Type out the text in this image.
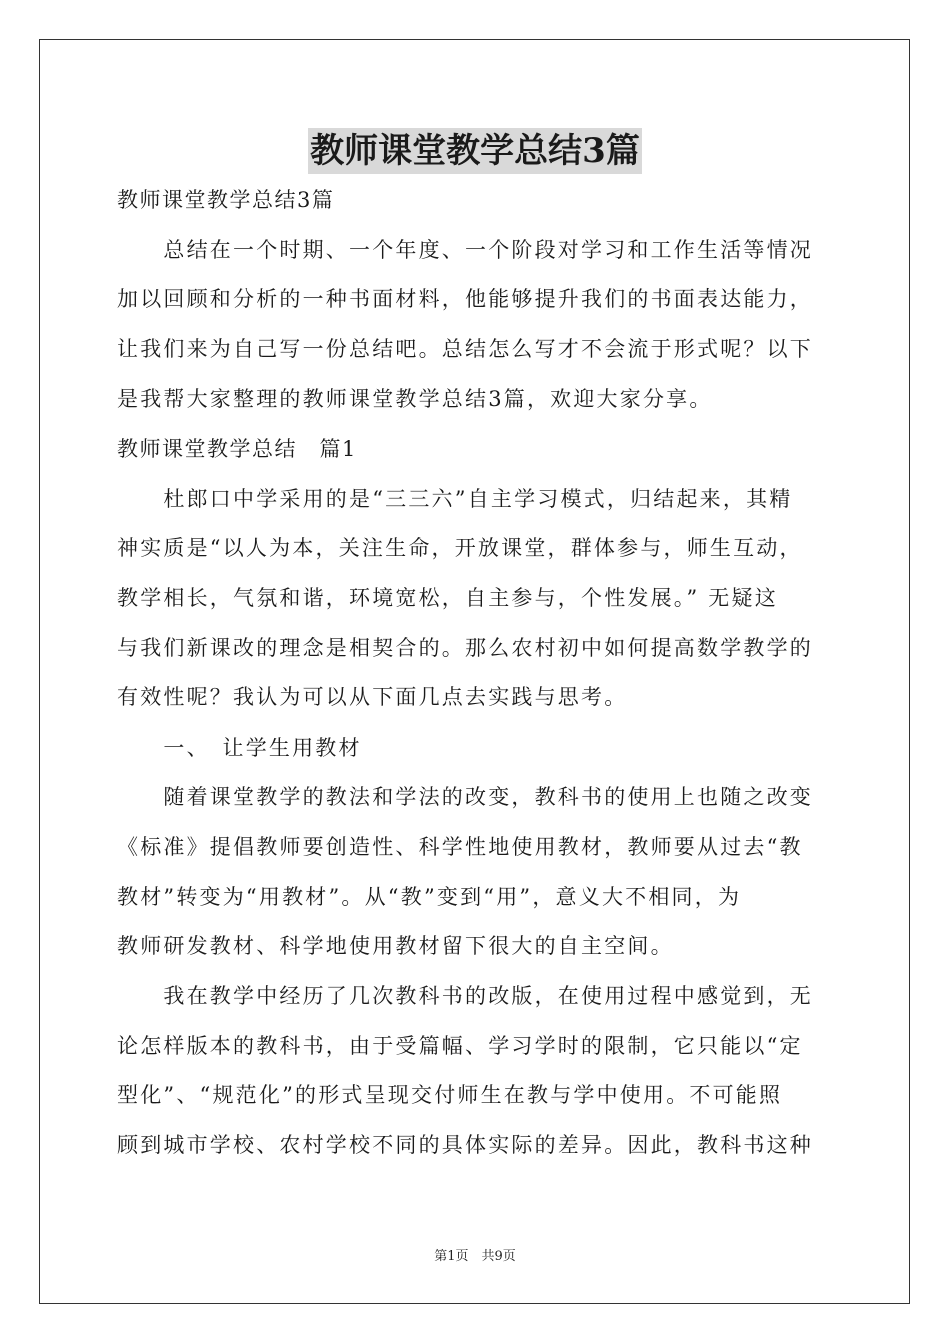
教师课堂教学总结3篇
教师课堂教学总结3篇
　　总结在一个时期、一个年度、一个阶段对学习和工作生活等情况
加以回顾和分析的一种书面材料，他能够提升我们的书面表达能力，
让我们来为自己写一份总结吧。总结怎么写才不会流于形式呢？以下
是我帮大家整理的教师课堂教学总结3篇，欢迎大家分享。
教师课堂教学总结　篇1
　　杜郎口中学采用的是“三三六”自主学习模式，归结起来，其精
神实质是“以人为本，关注生命，开放课堂，群体参与，师生互动，
教学相长，气氛和谐，环境宽松，自主参与，个性发展。” 无疑这
与我们新课改的理念是相契合的。那么农村初中如何提高数学教学的
有效性呢？我认为可以从下面几点去实践与思考。
　　一、　让学生用教材
　　随着课堂教学的教法和学法的改变，教科书的使用上也随之改变
《标准》提倡教师要创造性、科学性地使用教材，教师要从过去“教
教材”转变为“用教材”。从“教”变到“用”，意义大不相同，为
教师研发教材、科学地使用教材留下很大的自主空间。
　　我在教学中经历了几次教科书的改版，在使用过程中感觉到，无
论怎样版本的教科书，由于受篇幅、学习学时的限制，它只能以“定
型化”、“规范化”的形式呈现交付师生在教与学中使用。不可能照
顾到城市学校、农村学校不同的具体实际的差异。因此，教科书这种
第1页　共9页
